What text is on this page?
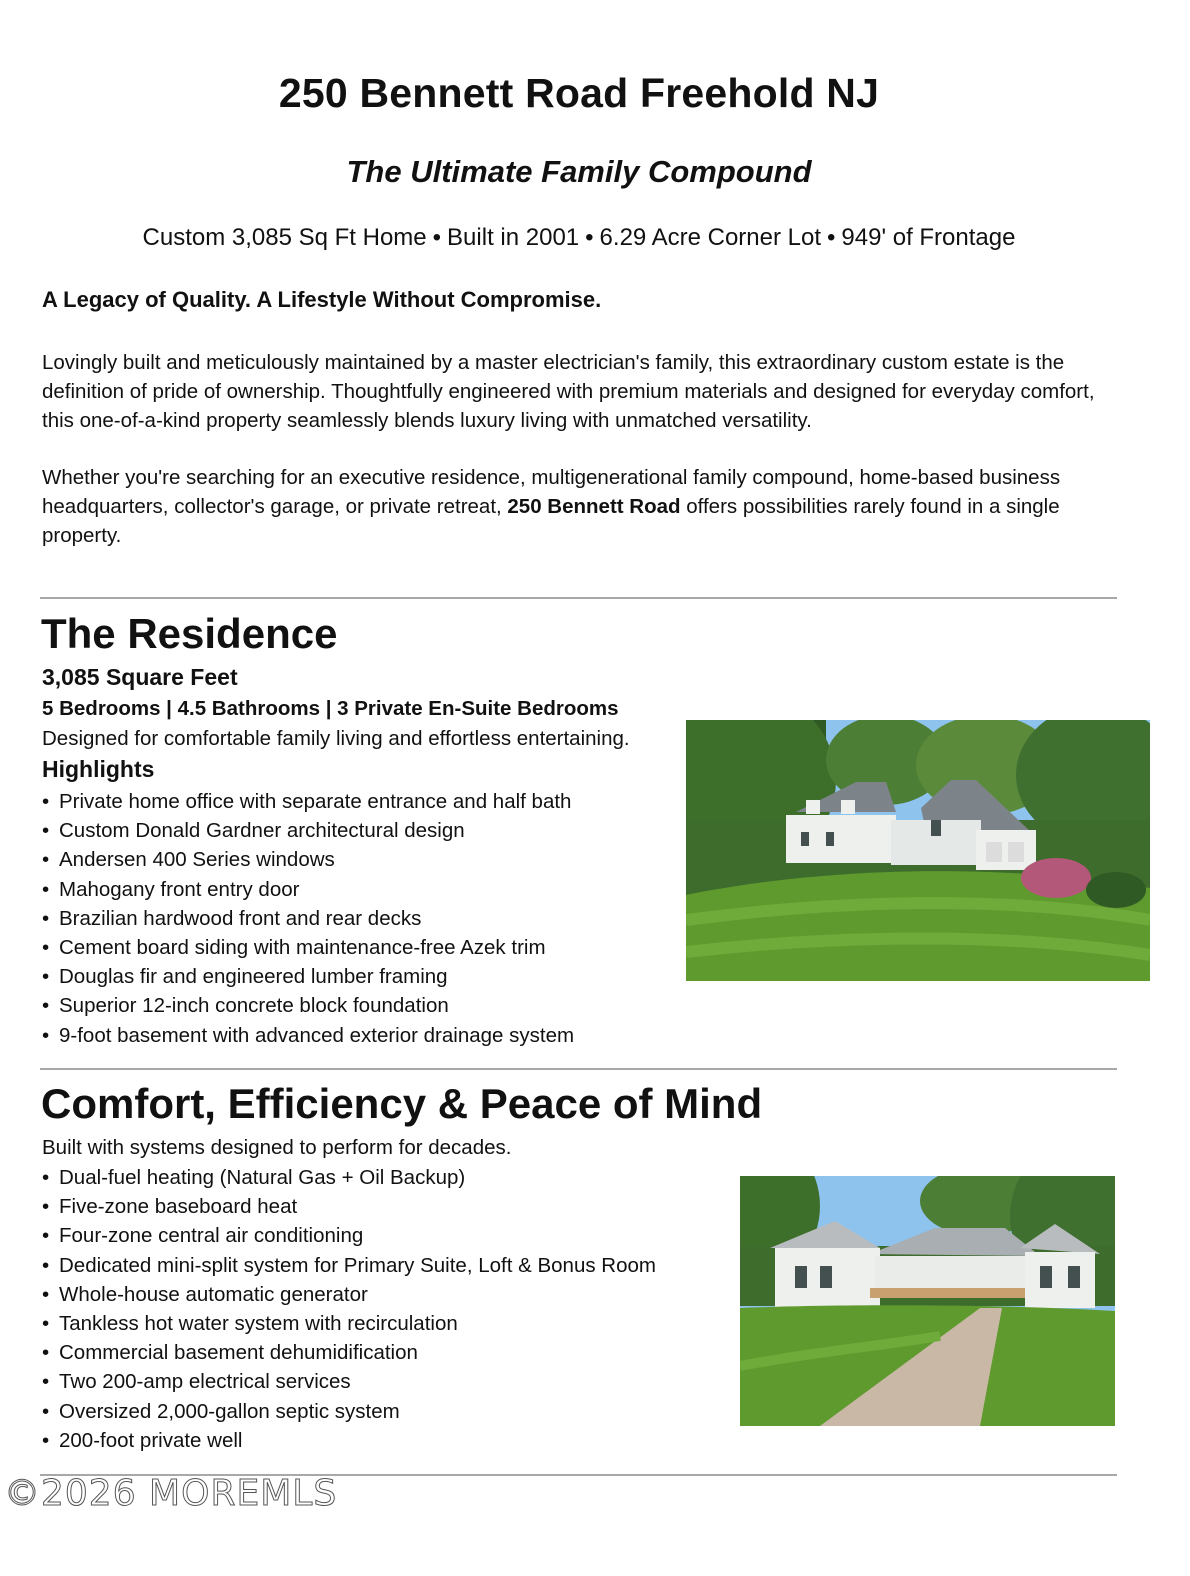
250 Bennett Road Freehold NJ
The Ultimate Family Compound
Custom 3,085 Sq Ft Home • Built in 2001 • 6.29 Acre Corner Lot • 949' of Frontage
A Legacy of Quality. A Lifestyle Without Compromise.

Lovingly built and meticulously maintained by a master electrician's family, this extraordinary custom estate is the definition of pride of ownership. Thoughtfully engineered with premium materials and designed for everyday comfort, this one-of-a-kind property seamlessly blends luxury living with unmatched versatility.

Whether you're searching for an executive residence, multigenerational family compound, home-based business headquarters, collector's garage, or private retreat, 250 Bennett Road offers possibilities rarely found in a single property.

The Residence
3,085 Square Feet
5 Bedrooms | 4.5 Bathrooms | 3 Private En-Suite Bedrooms
Designed for comfortable family living and effortless entertaining.
Highlights
• Private home office with separate entrance and half bath
• Custom Donald Gardner architectural design
• Andersen 400 Series windows
• Mahogany front entry door
• Brazilian hardwood front and rear decks
• Cement board siding with maintenance-free Azek trim
• Douglas fir and engineered lumber framing
• Superior 12-inch concrete block foundation
• 9-foot basement with advanced exterior drainage system
Comfort, Efficiency & Peace of Mind
Built with systems designed to perform for decades.
• Dual-fuel heating (Natural Gas + Oil Backup)
• Five-zone baseboard heat
• Four-zone central air conditioning
• Dedicated mini-split system for Primary Suite, Loft & Bonus Room
• Whole-house automatic generator
• Tankless hot water system with recirculation
• Commercial basement dehumidification
• Two 200-amp electrical services
• Oversized 2,000-gallon septic system
• 200-foot private well
©2026 MOREMLS
